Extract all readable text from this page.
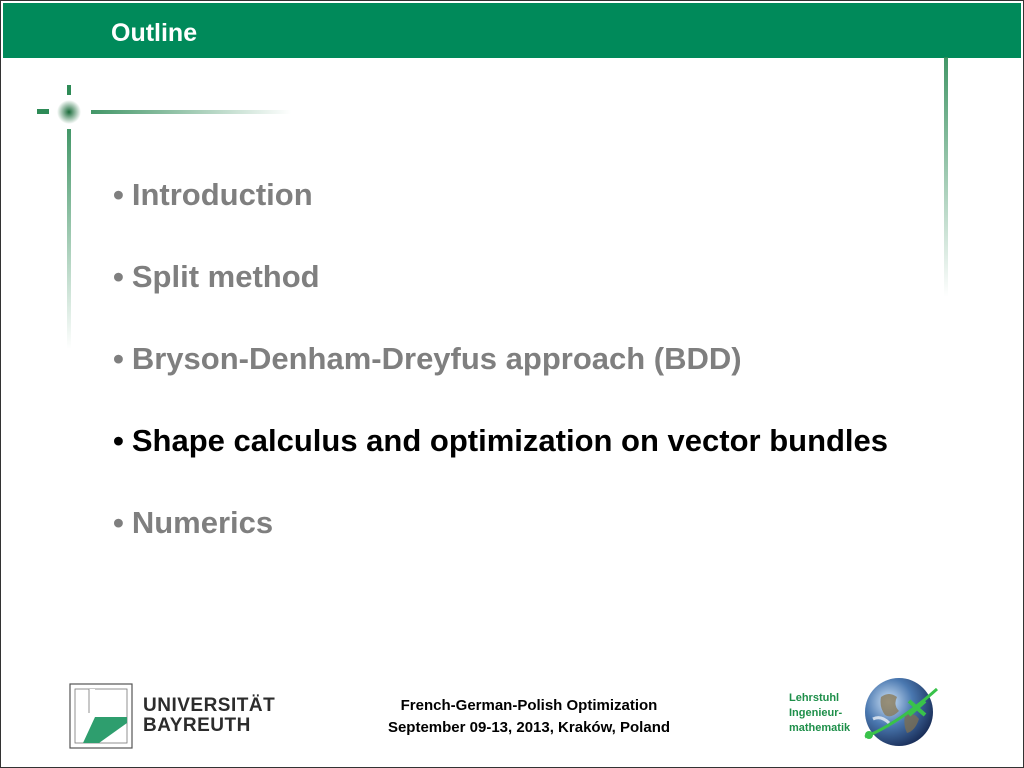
Outline
• Introduction
• Split method
• Bryson-Denham-Dreyfus approach (BDD)
• Shape calculus and optimization on vector bundles
• Numerics
UNIVERSITÄT
BAYREUTH
French-German-Polish Optimization
September 09-13, 2013, Kraków, Poland
Lehrstuhl
Ingenieur-
mathematik
